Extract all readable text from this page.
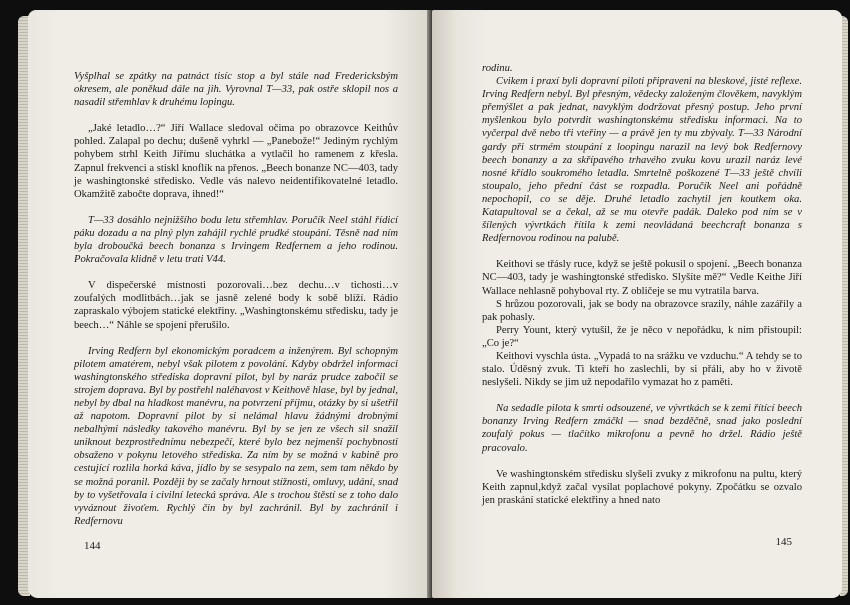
Vyšplhal se zpátky na patnáct tisíc stop a byl stále nad Fredericksbým okresem, ale poněkud dále na jih. Vyrovnal T—33, pak ostře sklopil nos a nasadil střemhlav k druhému lopingu.

„Jaké letadlo…?“ Jiří Wallace sledoval očima po obrazovce Keithův pohled. Zalapal po dechu; dušeně vyhrkl — „Panebože!“ Jediným rychlým pohybem strhl Keith Jiřímu sluchátka a vytlačil ho ramenem z křesla. Zapnul frekvenci a stiskl knoflík na přenos. „Beech bonanze NC—403, tady je washingtonské středisko. Vedle vás nalevo neidentifikovatelné letadlo. Okamžitě zabočte doprava, ihned!“

T—33 dosáhlo nejnižšího bodu letu střemhlav. Poručík Neel stáhl řídicí páku dozadu a na plný plyn zahájil rychlé prudké stoupání. Těsně nad ním byla droboučká beech bonanza s Irvingem Redfernem a jeho rodinou. Pokračovala klidně v letu trati V44.

V dispečerské místnosti pozorovali…bez dechu…v tichosti…v zoufalých modlitbách…jak se jasně zelené body k sobě blíží. Rádio zapraskalo výbojem statické elektřiny. „Washingtonskému středisku, tady je beech…“ Náhle se spojení přerušilo.

Irving Redfern byl ekonomickým poradcem a inženýrem. Byl schopným pilotem amatérem, nebyl však pilotem z povolání. Kdyby obdržel informaci washingtonského střediska dopravní pilot, byl by naráz prudce zabočil se strojem doprava. Byl by postřehl naléhavost v Keithově hlase, byl by jednal, nebyl by dbal na hladkost manévru, na potvrzení příjmu, otázky by si ušetřil až napotom. Dopravní pilot by si nelámal hlavu žádnými drobnými nebalhými následky takového manévru. Byl by se jen ze všech sil snažil uniknout bezprostřednímu nebezpečí, které bylo bez nejmenší pochybnosti obsaženo v pokynu letového střediska. Za ním by se možná v kabině pro cestující rozlila horká káva, jídlo by se sesypalo na zem, sem tam někdo by se možná poranil. Později by se začaly hrnout stížnosti, omluvy, udání, snad by to vyšetřovala i civilní letecká správa. Ale s trochou štěstí se z toho dalo vyváznout živoťem. Rychlý čin by byl zachránil. Byl by zachránil i Redfernovu

144

rodinu.

Cvikem i praxí byli dopravní piloti připraveni na bleskové, jisté reflexe. Irving Redfern nebyl. Byl přesným, vědecky založeným člověkem, navyklým přemýšlet a pak jednat, navyklým dodržovat přesný postup. Jeho první myšlenkou bylo potvrdit washingtonskému středisku informaci. Na to vyčerpal dvě nebo tři vteřiny — a právě jen ty mu zbývaly. T—33 Národní gardy při strmém stoupání z loopingu narazil na levý bok Redfernovy beech bonanzy a za skřípavého trhavého zvuku kovu urazil naráz levé nosné křídlo soukromého letadla. Smrtelně poškozené T—33 ještě chvíli stoupalo, jeho přední část se rozpadla. Poručík Neel ani pořádně nepochopil, co se děje. Druhé letadlo zachytil jen koutkem oka. Katapultoval se a čekal, až se mu otevře padák. Daleko pod ním se v šílených vývrtkách řítila k zemi neovládaná beechcraft bonanza s Redfernovou rodinou na palubě.

Keithovi se třásly ruce, když se ještě pokusil o spojení. „Beech bonanza NC—403, tady je washingtonské středisko. Slyšíte mě?“ Vedle Keithe Jiří Wallace nehlasně pohyboval rty. Z obličeje se mu vytratila barva.

S hrůzou pozorovali, jak se body na obrazovce srazily, náhle zazářily a pak pohasly.

Perry Yount, který vytušil, že je něco v nepořádku, k nim přistoupil: „Co je?“

Keithovi vyschla ústa. „Vypadá to na srážku ve vzduchu.“ A tehdy se to stalo. Úděsný zvuk. Ti kteří ho zaslechli, by si přáli, aby ho v životě neslyšeli. Nikdy se jim už nepodařilo vymazat ho z paměti.

Na sedadle pilota k smrti odsouzené, ve vývrtkách se k zemi řítící beech bonanzy Irving Redfern zmáčkl — snad bezděčně, snad jako poslední zoufalý pokus — tlačítko mikrofonu a pevně ho držel. Rádio ještě pracovalo.

Ve washingtonském středisku slyšeli zvuky z mikrofonu na pultu, který Keith zapnul,když začal vysílat poplachové pokyny. Zpočátku se ozvalo jen praskání statické elektřiny a hned nato

145
